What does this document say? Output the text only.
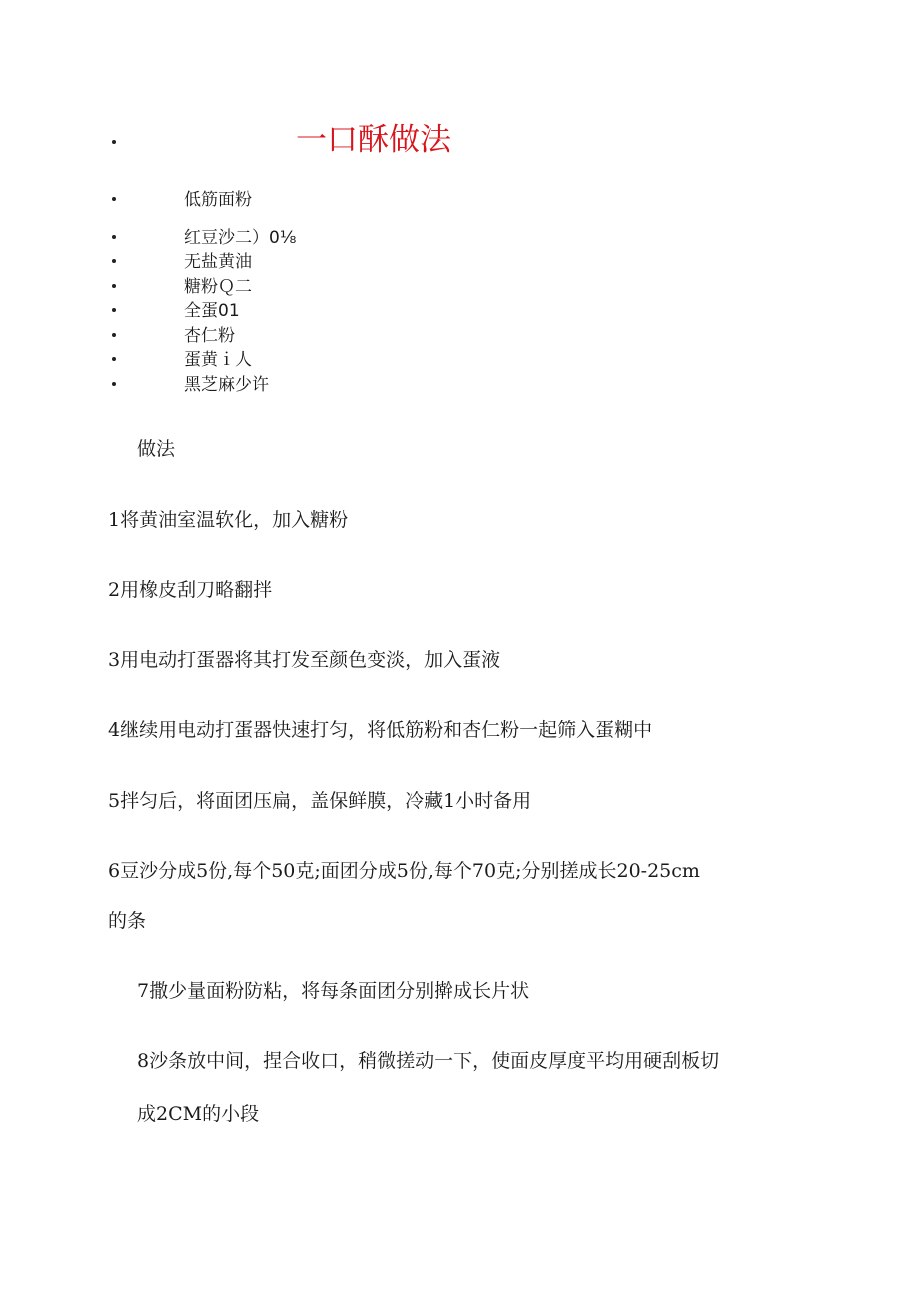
一口酥做法
低筋面粉
红豆沙二）0⅛
无盐黄油
糖粉Ｑ二
全蛋01
杏仁粉
蛋黄ｉ人
黑芝麻少许
做法
1将黄油室温软化，加入糖粉
2用橡皮刮刀略翻拌
3用电动打蛋器将其打发至颜色变淡，加入蛋液
4继续用电动打蛋器快速打匀，将低筋粉和杏仁粉一起筛入蛋糊中
5拌匀后，将面团压扁，盖保鲜膜，冷藏1小时备用
6豆沙分成5份,每个50克;面团分成5份,每个70克;分别搓成长20-25cm
的条
7撒少量面粉防粘，将每条面团分别擀成长片状
8沙条放中间，捏合收口，稍微搓动一下，使面皮厚度平均用硬刮板切
成2CM的小段
